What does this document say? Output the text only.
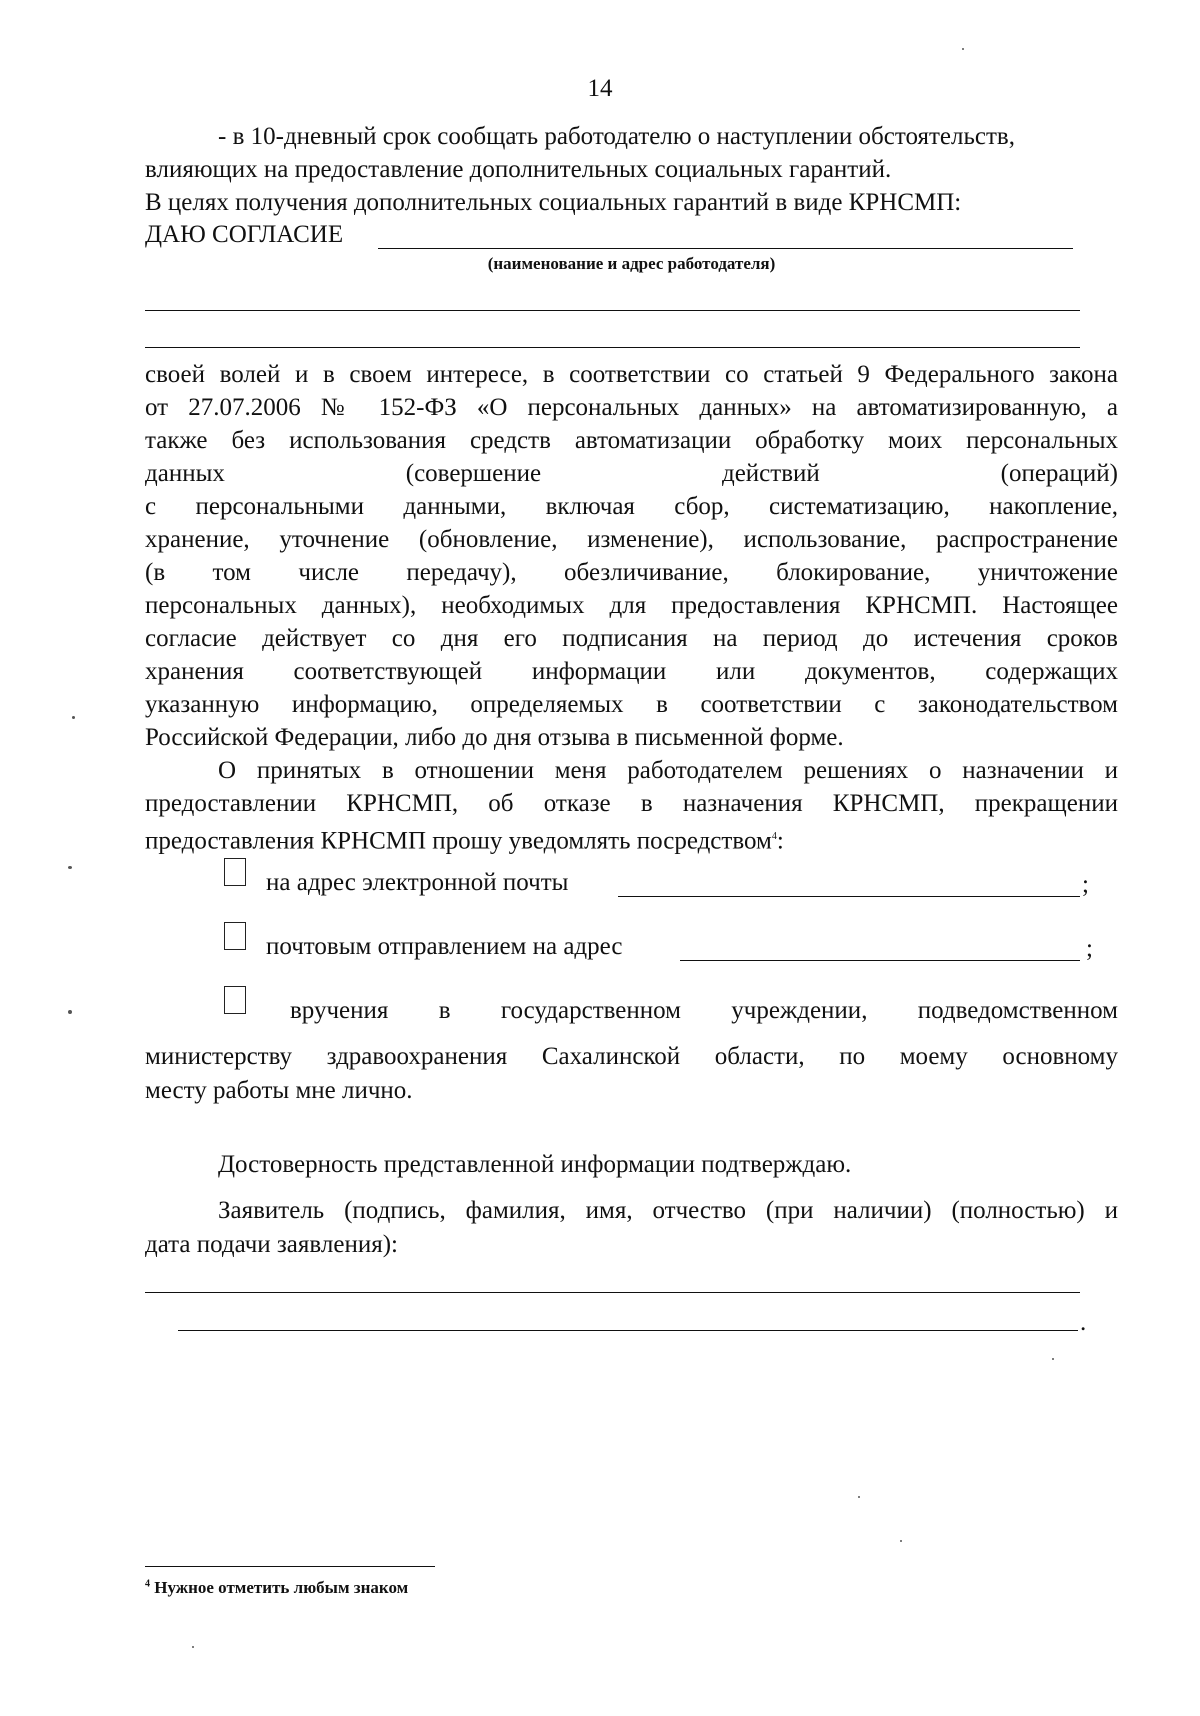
14
- в 10-дневный срок сообщать работодателю о наступлении обстоятельств,
влияющих на предоставление дополнительных социальных гарантий.
В целях получения дополнительных социальных гарантий в виде КРНСМП:
ДАЮ СОГЛАСИЕ
(наименование и адрес работодателя)
своей волей и в своем интересе, в соответствии со статьей 9 Федерального закона
от 27.07.2006 № 152-ФЗ «О персональных данных» на автоматизированную, а
также без использования средств автоматизации обработку моих персональных
данных (совершение действий (операций)
с персональными данными, включая сбор, систематизацию, накопление,
хранение, уточнение (обновление, изменение), использование, распространение
(в том числе передачу), обезличивание, блокирование, уничтожение
персональных данных), необходимых для предоставления КРНСМП. Настоящее
согласие действует со дня его подписания на период до истечения сроков
хранения соответствующей информации или документов, содержащих
указанную информацию, определяемых в соответствии с законодательством
Российской Федерации, либо до дня отзыва в письменной форме.
О принятых в отношении меня работодателем решениях о назначении и
предоставлении КРНСМП, об отказе в назначения КРНСМП, прекращении
предоставления КРНСМП прошу уведомлять посредством$^4$:
на адрес электронной почты	;
почтовым отправлением на адрес	;
вручения в государственном учреждении, подведомственном
министерству здравоохранения Сахалинской области, по моему основному
месту работы мне лично.
Достоверность представленной информации подтверждаю.
Заявитель (подпись, фамилия, имя, отчество (при наличии) (полностью) и
дата подачи заявления):
.
$^4$ Нужное отметить любым знаком
